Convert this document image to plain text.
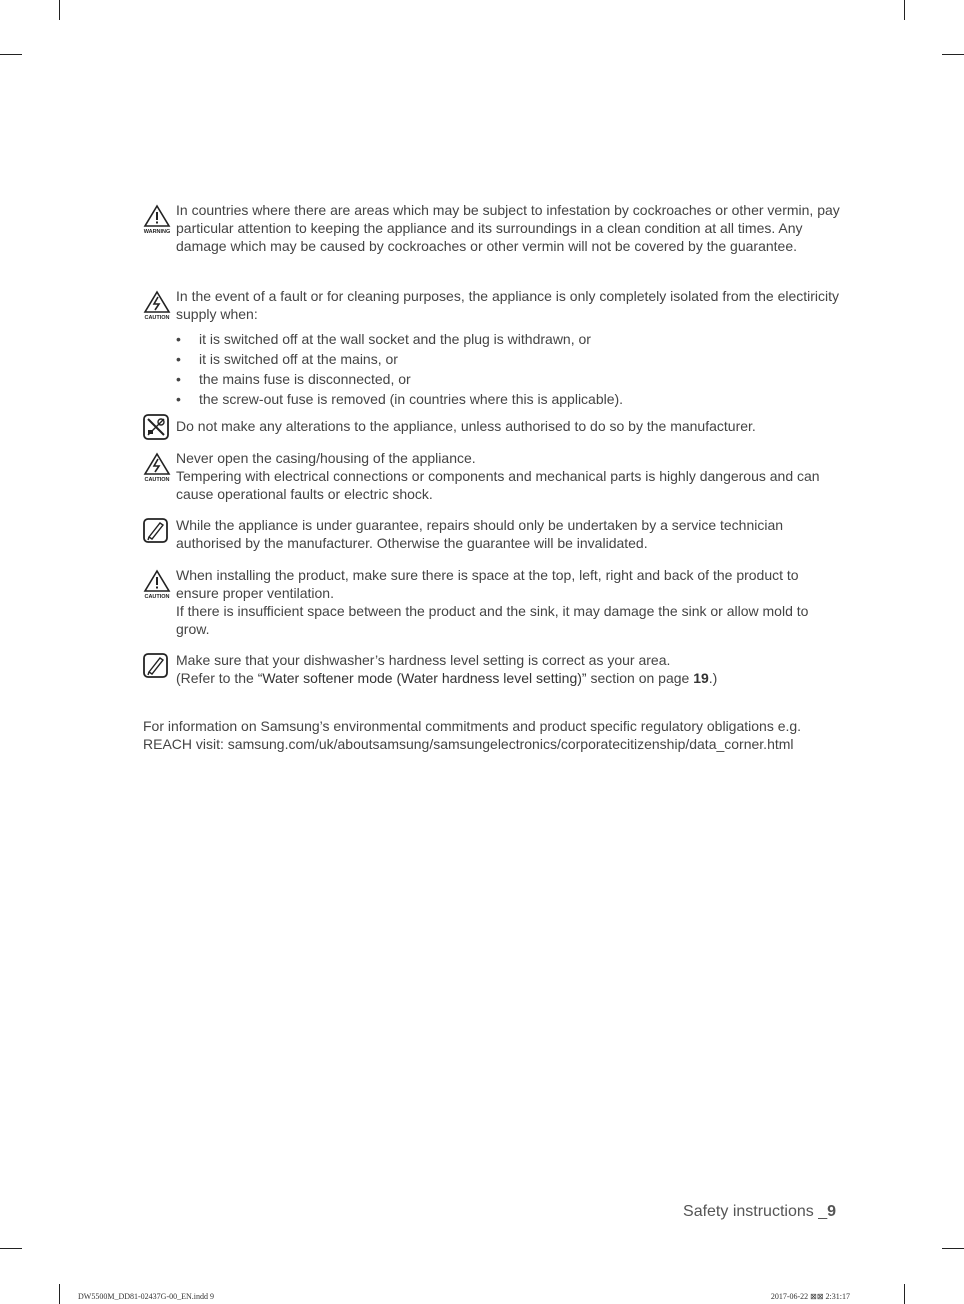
WARNING

In countries where there are areas which may be subject to infestation by cockroaches or other vermin, pay particular attention to keeping the appliance and its surroundings in a clean condition at all times. Any damage which may be caused by cockroaches or other vermin will not be covered by the guarantee.

CAUTION

In the event of a fault or for cleaning purposes, the appliance is only completely isolated from the electiricity supply when:

• it is switched off at the wall socket and the plug is withdrawn, or
• it is switched off at the mains, or
• the mains fuse is disconnected, or
• the screw-out fuse is removed (in countries where this is applicable).

Do not make any alterations to the appliance, unless authorised to do so by the manufacturer.

CAUTION

Never open the casing/housing of the appliance.

Tempering with electrical connections or components and mechanical parts is highly dangerous and can cause operational faults or electric shock.

While the appliance is under guarantee, repairs should only be undertaken by a service technician authorised by the manufacturer. Otherwise the guarantee will be invalidated.

CAUTION

When installing the product, make sure there is space at the top, left, right and back of the product to ensure proper ventilation.

If there is insufficient space between the product and the sink, it may damage the sink or allow mold to grow.

Make sure that your dishwasher’s hardness level setting is correct as your area.

(Refer to the “Water softener mode (Water hardness level setting)” section on page 19.)

For information on Samsung’s environmental commitments and product specific regulatory obligations e.g.

REACH visit: samsung.com/uk/aboutsamsung/samsungelectronics/corporatecitizenship/data_corner.html

Safety instructions _9
DW5500M_DD81-02437G-00_EN.indd 9	2017-06-22 ⊠⊠ 2:31:17
